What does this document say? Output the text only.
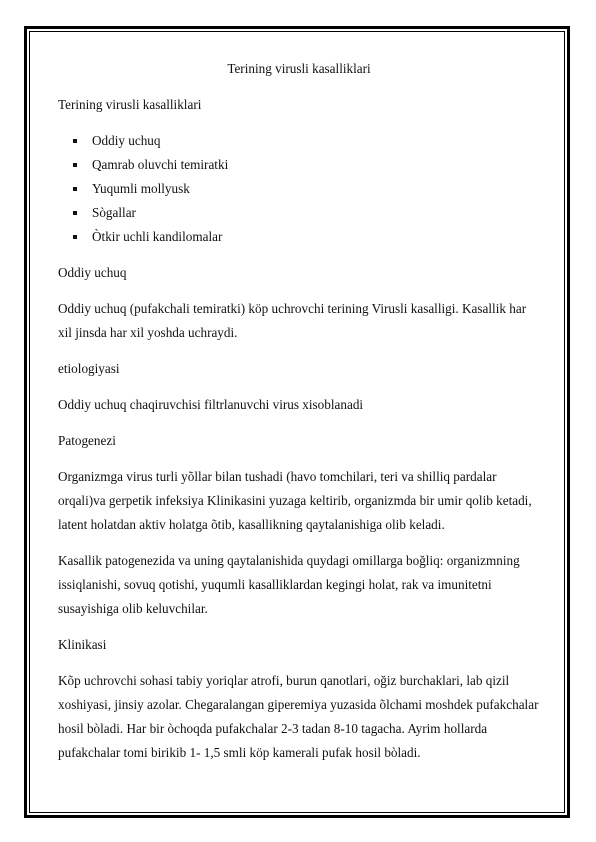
Terining virusli kasalliklari

Terining virusli kasalliklari

Oddiy uchuq
Qamrab oluvchi temiratki
Yuqumli mollyusk
Sògallar
Òtkir uchli kandilomalar

Oddiy uchuq

Oddiy uchuq (pufakchali temiratki) köp uchrovchi terining Virusli kasalligi. Kasallik har xil jinsda har xil yoshda uchraydi.

etiologiyasi

Oddiy uchuq chaqiruvchisi filtrlanuvchi virus xisoblanadi

Patogenezi

Organizmga virus turli yõllar bilan tushadi (havo tomchilari, teri va shilliq pardalar orqali)va gerpetik infeksiya Klinikasini yuzaga keltirib, organizmda bir umir qolib ketadi, latent holatdan aktiv holatga õtib, kasallikning qaytalanishiga olib keladi.

Kasallik patogenezida va uning qaytalanishida quydagi omillarga boğliq: organizmning issiqlanishi, sovuq qotishi, yuqumli kasalliklardan kegingi holat, rak va imunitetni susayishiga olib keluvchilar.

Klinikasi

Kõp uchrovchi sohasi tabiy yoriqlar atrofi, burun qanotlari, oğiz burchaklari, lab qizil xoshiyasi, jinsiy azolar. Chegaralangan giperemiya yuzasida õlchami moshdek pufakchalar hosil bòladi. Har bir òchoqda pufakchalar 2-3 tadan 8-10 tagacha. Ayrim hollarda pufakchalar tomi birikib 1- 1,5 smli köp kamerali pufak hosil bòladi.
